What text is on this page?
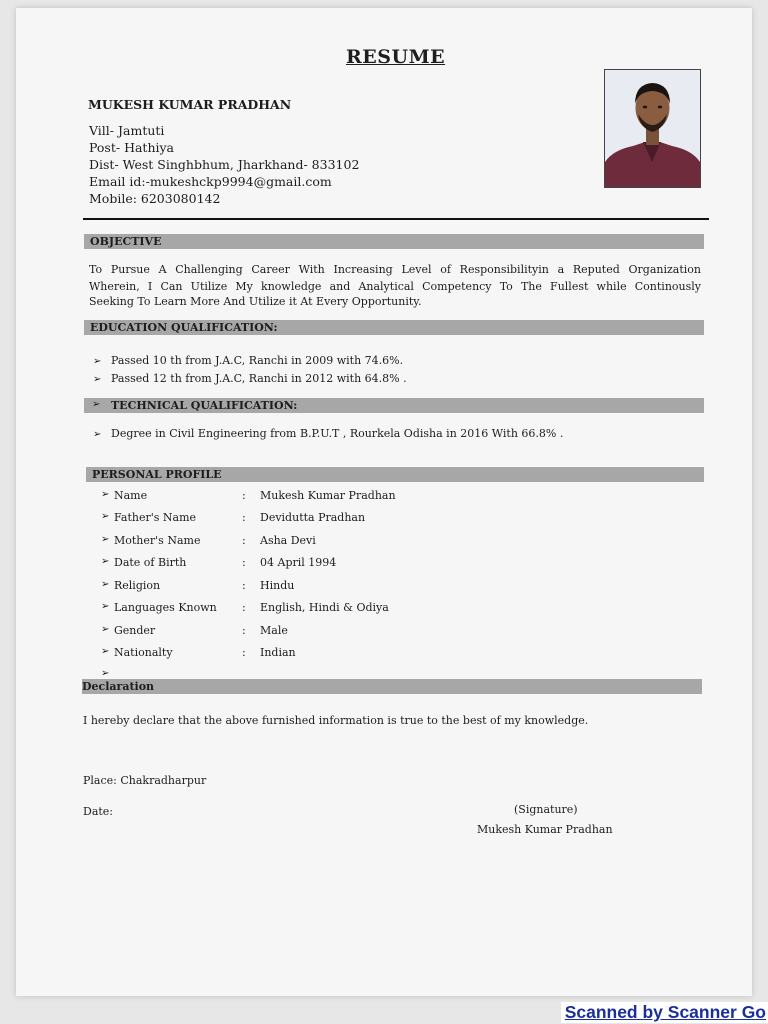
RESUME
MUKESH KUMAR PRADHAN
Vill- Jamtuti
Post- Hathiya
Dist- West Singhbhum, Jharkhand- 833102
Email id:-mukeshckp9994@gmail.com
Mobile: 6203080142
OBJECTIVE
To Pursue A Challenging Career With Increasing Level of Responsibilityin a Reputed Organization
Wherein, I Can Utilize My knowledge and Analytical Competency To The Fullest while Continously
Seeking To Learn More And Utilize it At Every Opportunity.
EDUCATION QUALIFICATION:
➢ Passed 10 th from J.A.C, Ranchi in 2009 with 74.6%.
➢ Passed 12 th from J.A.C, Ranchi in 2012 with 64.8% .
➢ TECHNICAL QUALIFICATION:
➢ Degree in Civil Engineering from B.P.U.T , Rourkela Odisha in 2016 With 66.8% .
PERSONAL PROFILE
➢ Name	: Mukesh Kumar Pradhan
➢ Father's Name	: Devidutta Pradhan
➢ Mother's Name	: Asha Devi
➢ Date of Birth	: 04 April 1994
➢ Religion	: Hindu
➢ Languages Known : English, Hindi & Odiya
➢ Gender	: Male
➢ Nationalty	: Indian
➢
Declaration
I hereby declare that the above furnished information is true to the best of my knowledge.
Place: Chakradharpur
Date:	(Signature)
Mukesh Kumar Pradhan
Scanned by Scanner Go
